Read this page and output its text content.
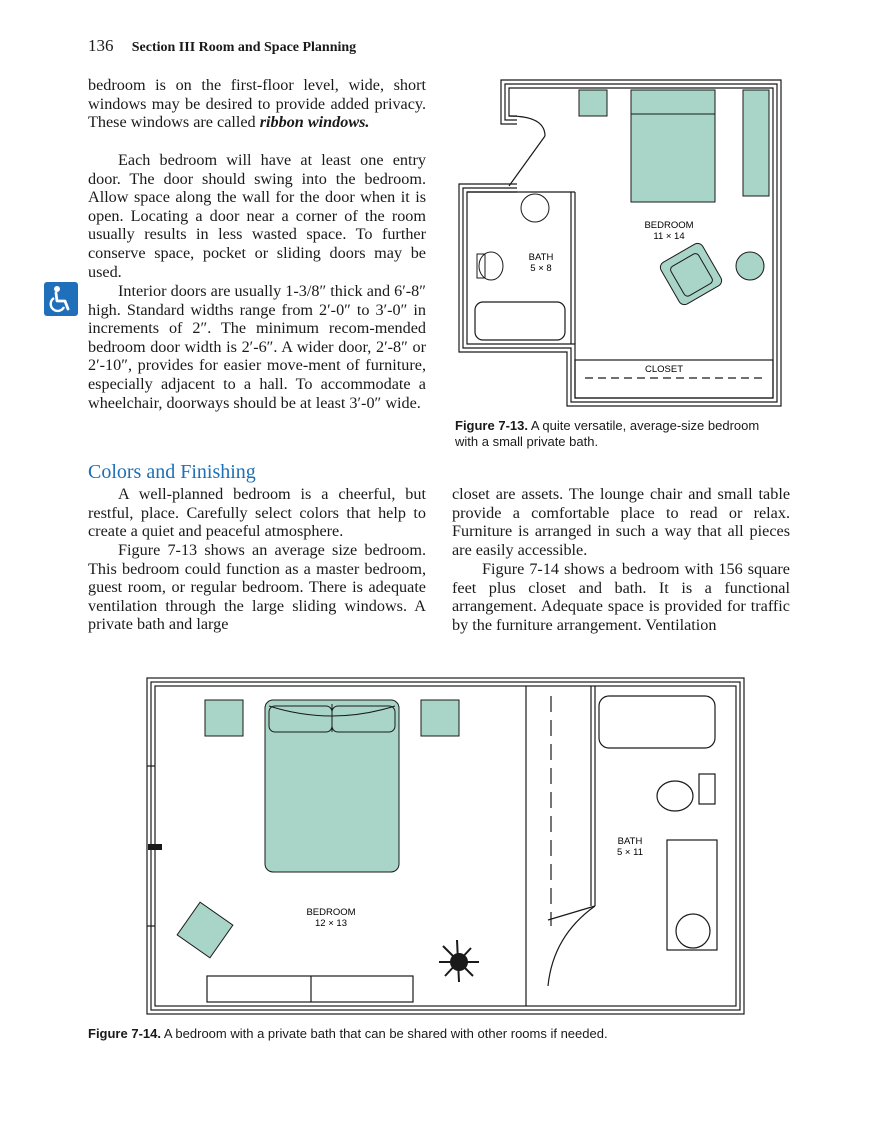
136 Section III Room and Space Planning

bedroom is on the first-floor level, wide, short windows may be desired to provide added privacy. These windows are called ribbon windows.

Each bedroom will have at least one entry door. The door should swing into the bedroom. Allow space along the wall for the door when it is open. Locating a door near a corner of the room usually results in less wasted space. To further conserve space, pocket or sliding doors may be used.

Interior doors are usually 1-3/8″ thick and 6′-8″ high. Standard widths range from 2′-0″ to 3′-0″ in increments of 2″. The minimum recom-mended bedroom door width is 2′-6″. A wider door, 2′-8″ or 2′-10″, provides for easier move-ment of furniture, especially adjacent to a hall. To accommodate a wheelchair, doorways should be at least 3′-0″ wide.

Colors and Finishing

A well-planned bedroom is a cheerful, but restful, place. Carefully select colors that help to create a quiet and peaceful atmosphere.

Figure 7-13 shows an average size bedroom. This bedroom could function as a master bedroom, guest room, or regular bedroom. There is adequate ventilation through the large sliding windows. A private bath and large

closet are assets. The lounge chair and small table provide a comfortable place to read or relax. Furniture is arranged in such a way that all pieces are easily accessible.

Figure 7-14 shows a bedroom with 156 square feet plus closet and bath. It is a functional arrangement. Adequate space is provided for traffic by the furniture arrangement. Ventilation

BEDROOM
11 × 14
BATH
5 × 8
CLOSET
Figure 7-13. A quite versatile, average-size bedroom with a small private bath.
BEDROOM
12 × 13
BATH
5 × 11
Figure 7-14. A bedroom with a private bath that can be shared with other rooms if needed.
